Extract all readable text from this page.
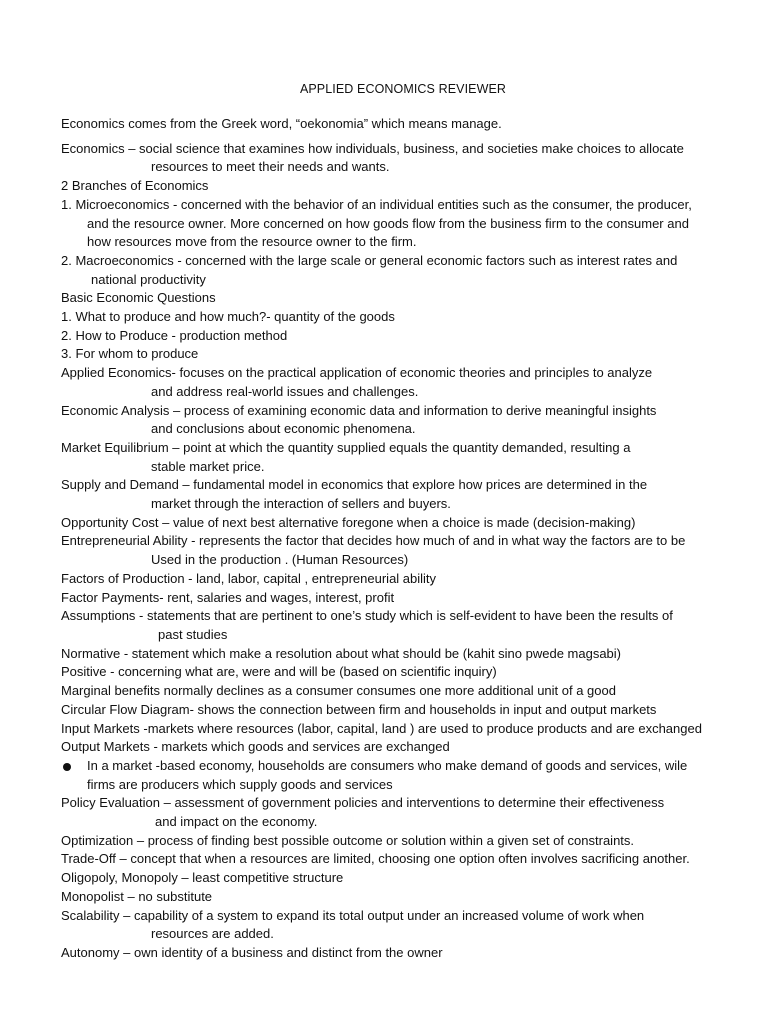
APPLIED ECONOMICS REVIEWER

Economics comes from the Greek word, “oekonomia” which means manage.

Economics – social science that examines how individuals, business, and societies make choices to allocate

resources to meet their needs and wants.

2 Branches of Economics

1. Microeconomics - concerned with the behavior of an individual entities such as the consumer, the producer,

and the resource owner. More concerned on how goods flow from the business firm to the consumer and

how resources move from the resource owner to the firm.

2. Macroeconomics - concerned with the large scale or general economic factors such as interest rates and

national productivity

Basic Economic Questions

1. What to produce and how much?- quantity of the goods

2. How to Produce - production method

3. For whom to produce

Applied Economics- focuses on the practical application of economic theories and principles to analyze

and address real-world issues and challenges.

Economic Analysis – process of examining economic data and information to derive meaningful insights

and conclusions about economic phenomena.

Market Equilibrium – point at which the quantity supplied equals the quantity demanded, resulting a

stable market price.

Supply and Demand – fundamental model in economics that explore how prices are determined in the

market through the interaction of sellers and buyers.

Opportunity Cost – value of next best alternative foregone when a choice is made (decision-making)

Entrepreneurial Ability - represents the factor that decides how much of and in what way the factors are to be

Used in the production . (Human Resources)

Factors of Production - land, labor, capital , entrepreneurial ability

Factor Payments- rent, salaries and wages, interest, profit

Assumptions - statements that are pertinent to one’s study which is self-evident to have been the results of

past studies

Normative - statement which make a resolution about what should be (kahit sino pwede magsabi)

Positive - concerning what are, were and will be (based on scientific inquiry)

Marginal benefits normally declines as a consumer consumes one more additional unit of a good

Circular Flow Diagram- shows the connection between firm and households in input and output markets

Input Markets -markets where resources (labor, capital, land ) are used to produce products and are exchanged

Output Markets - markets which goods and services are exchanged

In a market -based economy, households are consumers who make demand of goods and services, wile

firms are producers which supply goods and services

Policy Evaluation – assessment of government policies and interventions to determine their effectiveness

and impact on the economy.

Optimization – process of finding best possible outcome or solution within a given set of constraints.

Trade-Off – concept that when a resources are limited, choosing one option often involves sacrificing another.

Oligopoly, Monopoly – least competitive structure

Monopolist – no substitute

Scalability – capability of a system to expand its total output under an increased volume of work when

resources are added.

Autonomy – own identity of a business and distinct from the owner
